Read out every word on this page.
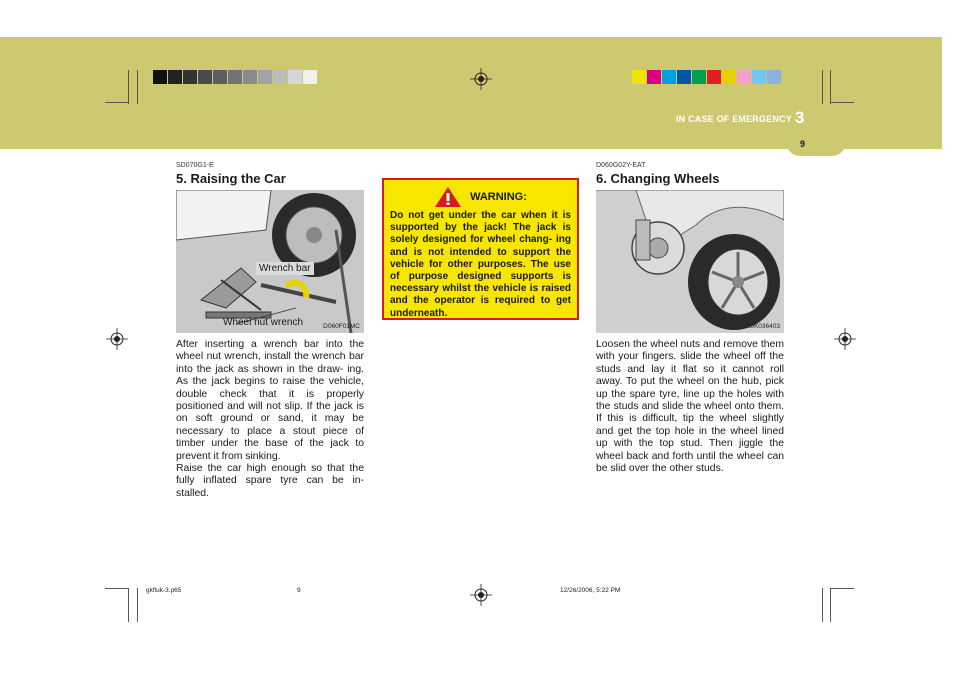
IN CASE OF EMERGENCY 3
9

SD070G1-E

5. Raising the Car
Wrench bar
Wheel nut wrench	D060F01MC

After inserting a wrench bar into the wheel nut wrench, install the wrench bar into the jack as shown in the draw- ing. As the jack begins to raise the vehicle, double check that it is properly positioned and will not slip. If the jack is on soft ground or sand, it may be necessary to place a stout piece of timber under the base of the jack to prevent it from sinking.

Raise the car high enough so that the fully inflated spare tyre can be in- stalled.

WARNING:

Do not get under the car when it is supported by the jack! The jack is solely designed for wheel chang- ing and is not intended to support the vehicle for other purposes. The use of purpose designed supports is necessary whilst the vehicle is raised and the operator is required to get underneath.

D060G02Y-EAT

6. Changing Wheels
OGK036403

Loosen the wheel nuts and remove them with your fingers. slide the wheel off the studs and lay it flat so it cannot roll away. To put the wheel on the hub, pick up the spare tyre, line up the holes with the studs and slide the wheel onto them. If this is difficult, tip the wheel slightly and get the top hole in the wheel lined up with the top stud. Then jiggle the wheel back and forth until the wheel can be slid over the other studs.

gkfluk-3.p65	9	12/26/2006, 5:22 PM
